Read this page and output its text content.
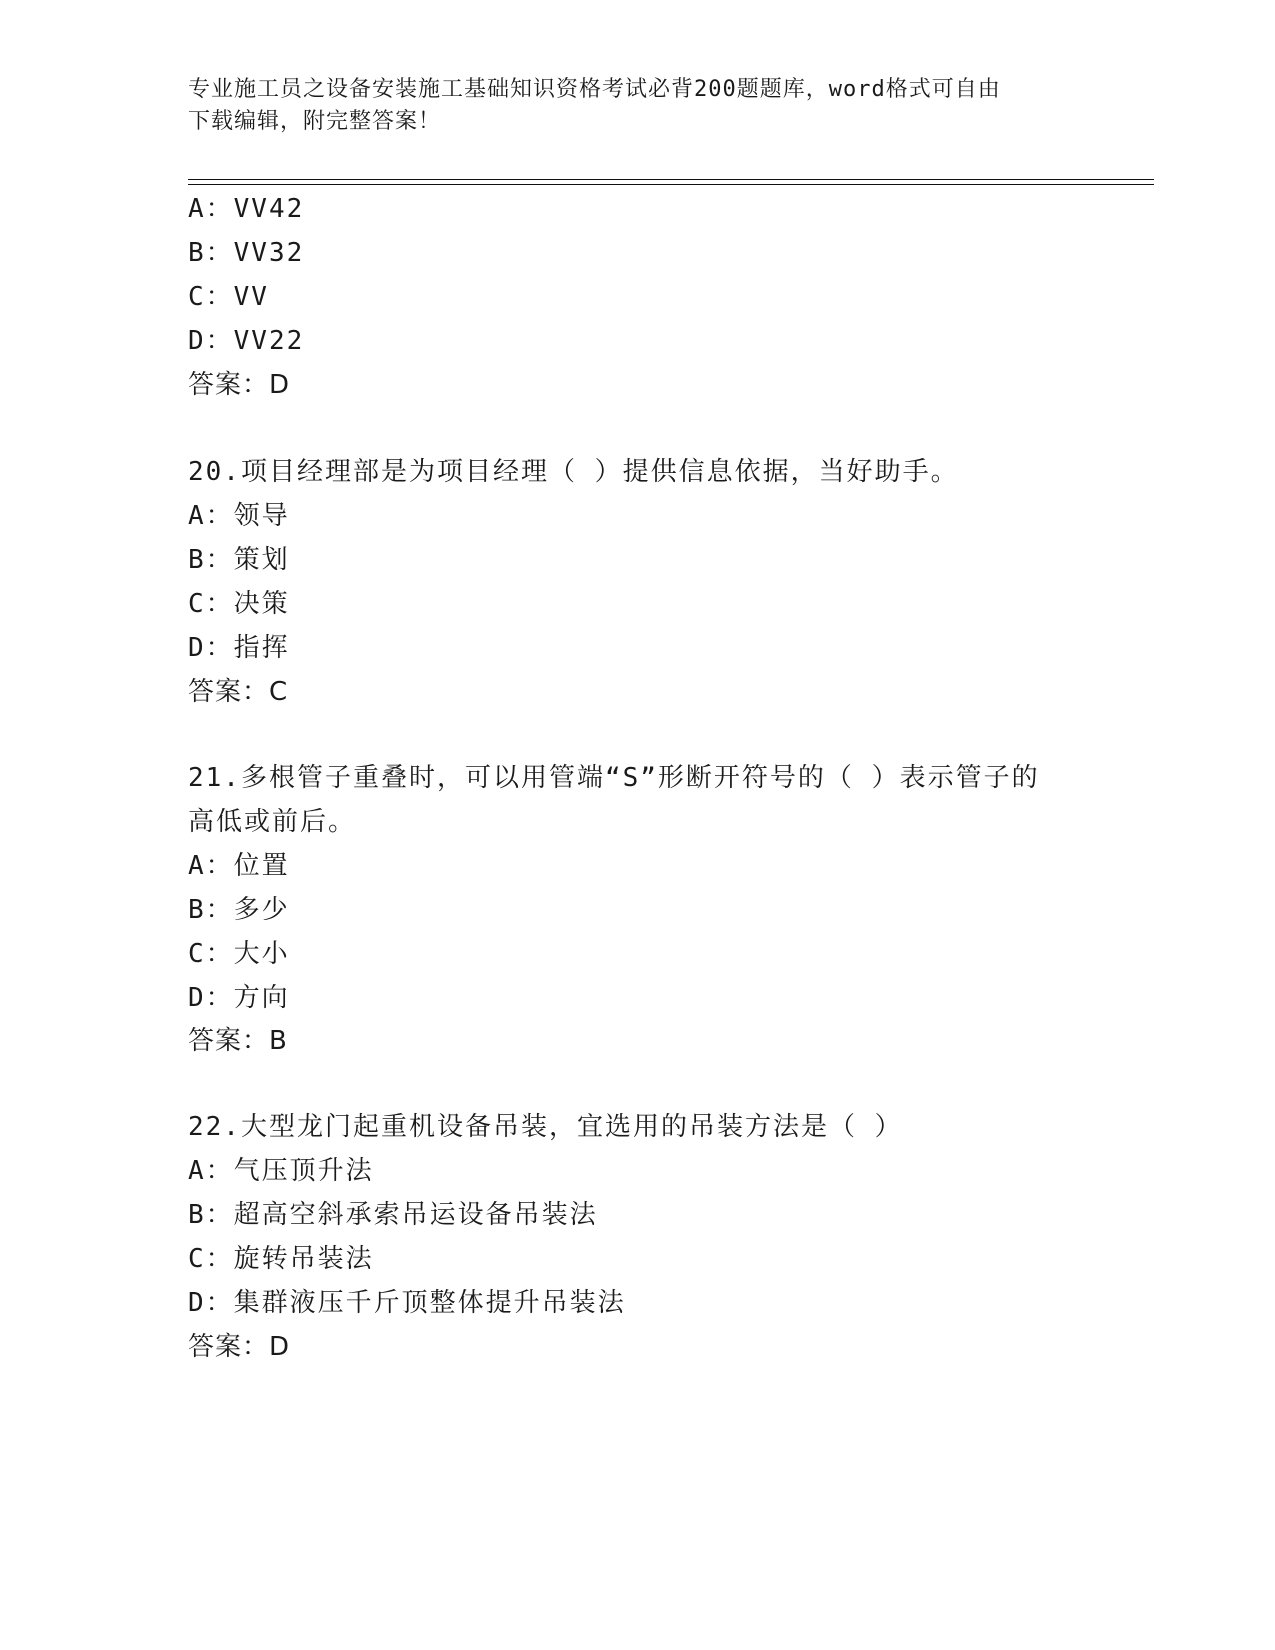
专业施工员之设备安装施工基础知识资格考试必背200题题库，word格式可自由
下载编辑，附完整答案！
A：VV42
B：VV32
C：VV
D：VV22
答案：D
20.项目经理部是为项目经理（ ）提供信息依据，当好助手。
A：领导
B：策划
C：决策
D：指挥
答案：C
21.多根管子重叠时，可以用管端“S”形断开符号的（ ）表示管子的
高低或前后。
A：位置
B：多少
C：大小
D：方向
答案：B
22.大型龙门起重机设备吊装，宜选用的吊装方法是（ ）
A：气压顶升法
B：超高空斜承索吊运设备吊装法
C：旋转吊装法
D：集群液压千斤顶整体提升吊装法
答案：D
